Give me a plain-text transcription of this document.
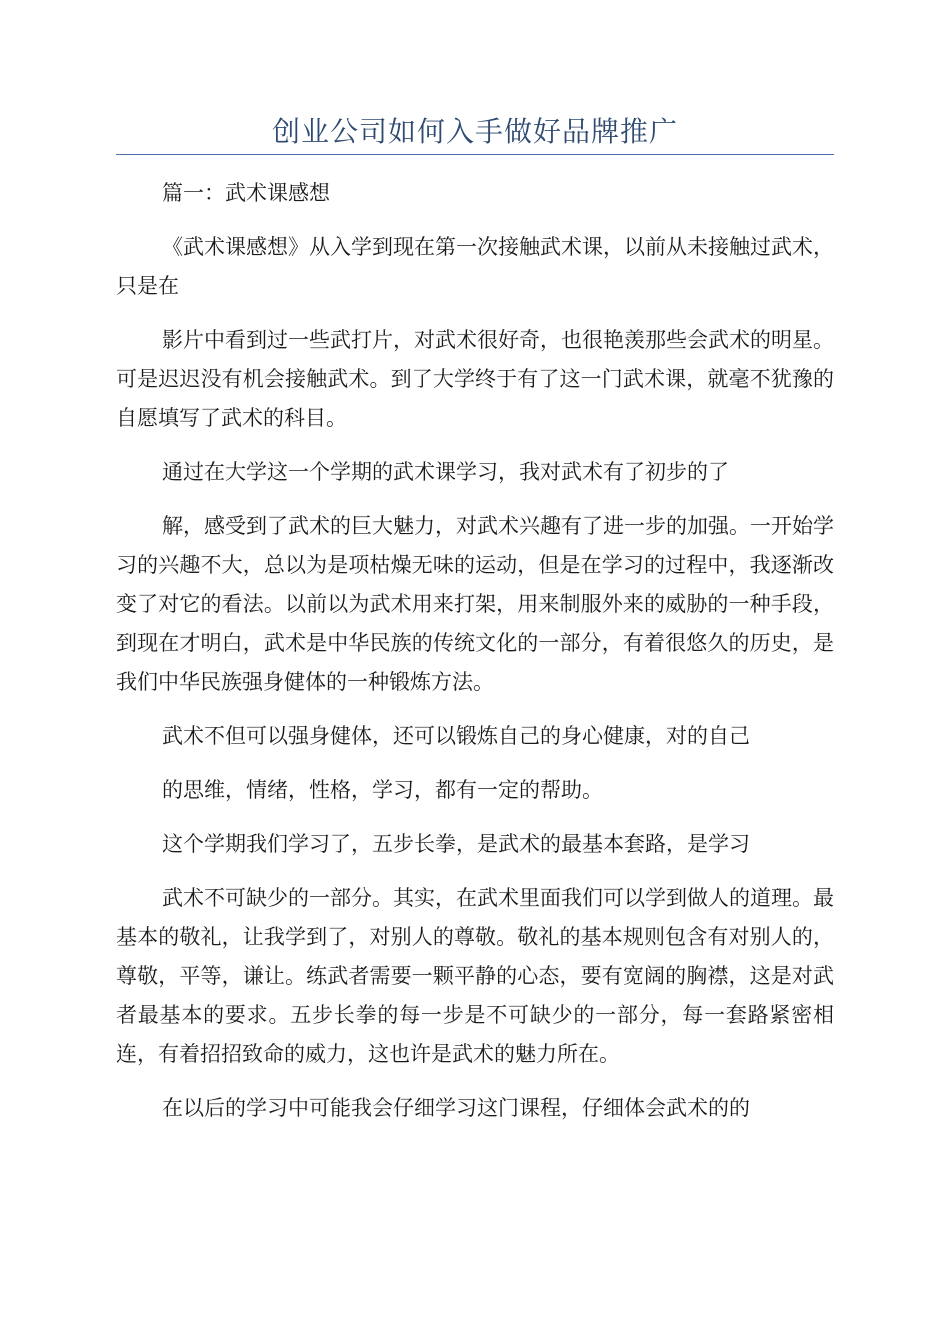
创业公司如何入手做好品牌推广

篇一：武术课感想

《武术课感想》从入学到现在第一次接触武术课，以前从未接触过武术，只是在

影片中看到过一些武打片，对武术很好奇，也很艳羡那些会武术的明星。可是迟迟没有机会接触武术。到了大学终于有了这一门武术课，就毫不犹豫的自愿填写了武术的科目。

通过在大学这一个学期的武术课学习，我对武术有了初步的了

解，感受到了武术的巨大魅力，对武术兴趣有了进一步的加强。一开始学习的兴趣不大，总以为是项枯燥无味的运动，但是在学习的过程中，我逐渐改变了对它的看法。以前以为武术用来打架，用来制服外来的威胁的一种手段，到现在才明白，武术是中华民族的传统文化的一部分，有着很悠久的历史，是我们中华民族强身健体的一种锻炼方法。

武术不但可以强身健体，还可以锻炼自己的身心健康，对的自己

的思维，情绪，性格，学习，都有一定的帮助。

这个学期我们学习了，五步长拳，是武术的最基本套路，是学习

武术不可缺少的一部分。其实，在武术里面我们可以学到做人的道理。最基本的敬礼，让我学到了，对别人的尊敬。敬礼的基本规则包含有对别人的，尊敬，平等，谦让。练武者需要一颗平静的心态，要有宽阔的胸襟，这是对武者最基本的要求。五步长拳的每一步是不可缺少的一部分，每一套路紧密相连，有着招招致命的威力，这也许是武术的魅力所在。

在以后的学习中可能我会仔细学习这门课程，仔细体会武术的的
